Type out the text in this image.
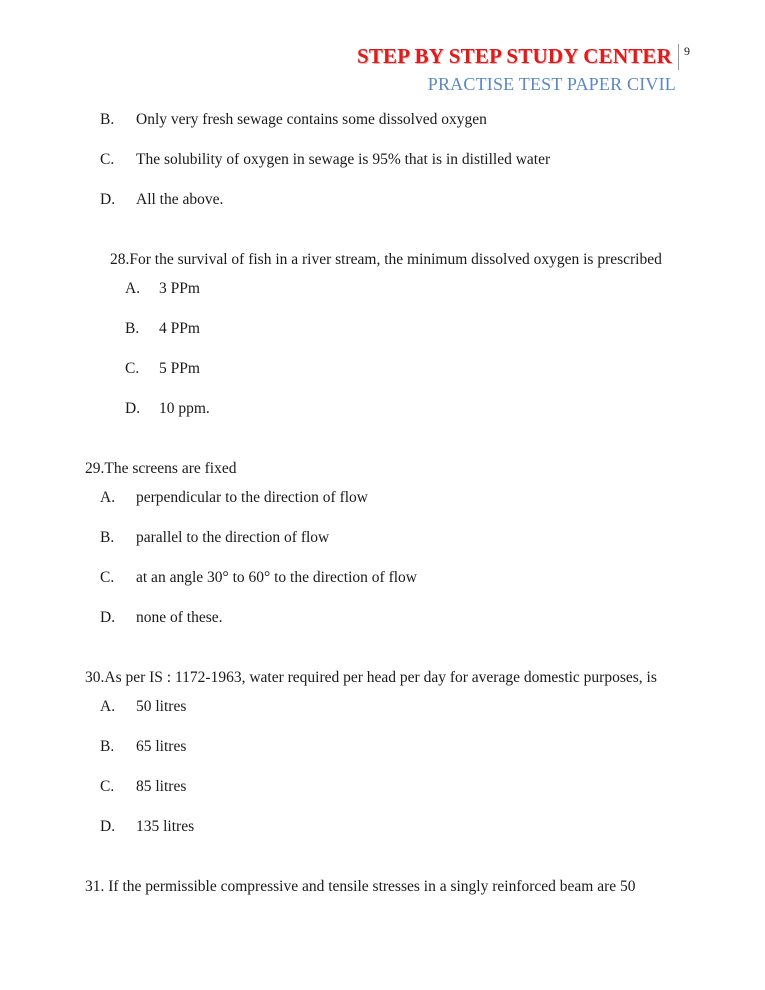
STEP BY STEP STUDY CENTER
PRACTISE TEST PAPER CIVIL
9
B. Only very fresh sewage contains some dissolved oxygen
C. The solubility of oxygen in sewage is 95% that is in distilled water
D. All the above.
28.For the survival of fish in a river stream, the minimum dissolved oxygen is prescribed
A. 3 PPm
B. 4 PPm
C. 5 PPm
D. 10 ppm.
29.The screens are fixed
A. perpendicular to the direction of flow
B. parallel to the direction of flow
C. at an angle 30° to 60° to the direction of flow
D. none of these.
30.As per IS : 1172-1963, water required per head per day for average domestic purposes, is
A. 50 litres
B. 65 litres
C. 85 litres
D. 135 litres
31. If the permissible compressive and tensile stresses in a singly reinforced beam are 50
